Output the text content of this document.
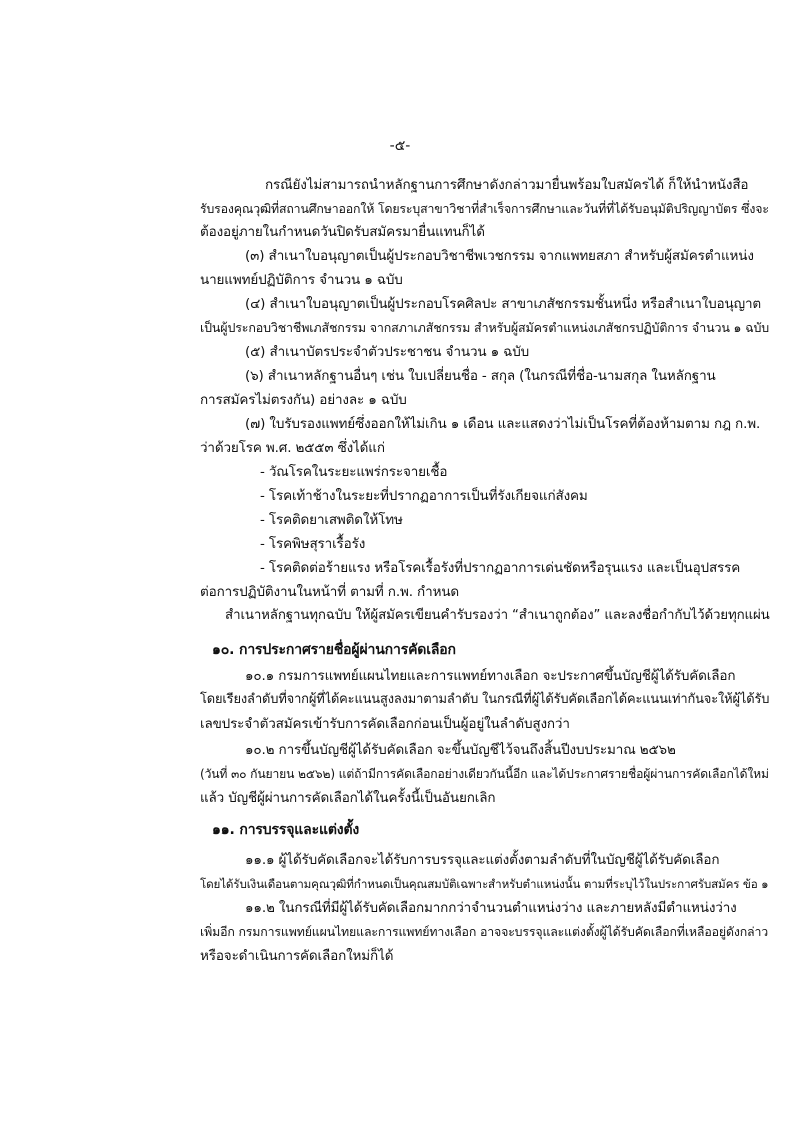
-๕-
กรณียังไม่สามารถนำหลักฐานการศึกษาดังกล่าวมายื่นพร้อมใบสมัครได้ ก็ให้นำหนังสือ
รับรองคุณวุฒิที่สถานศึกษาออกให้ โดยระบุสาขาวิชาที่สำเร็จการศึกษาและวันที่ที่ได้รับอนุมัติปริญญาบัตร ซึ่งจะ
ต้องอยู่ภายในกำหนดวันปิดรับสมัครมายื่นแทนก็ได้
(๓) สำเนาใบอนุญาตเป็นผู้ประกอบวิชาชีพเวชกรรม จากแพทยสภา สำหรับผู้สมัครตำแหน่ง
นายแพทย์ปฏิบัติการ จำนวน ๑ ฉบับ
(๔) สำเนาใบอนุญาตเป็นผู้ประกอบโรคศิลปะ สาขาเภสัชกรรมชั้นหนึ่ง หรือสำเนาใบอนุญาต
เป็นผู้ประกอบวิชาชีพเภสัชกรรม จากสภาเภสัชกรรม สำหรับผู้สมัครตำแหน่งเภสัชกรปฏิบัติการ จำนวน ๑ ฉบับ
(๕) สำเนาบัตรประจำตัวประชาชน จำนวน ๑ ฉบับ
(๖) สำเนาหลักฐานอื่นๆ เช่น ใบเปลี่ยนชื่อ - สกุล (ในกรณีที่ชื่อ-นามสกุล ในหลักฐาน
การสมัครไม่ตรงกัน) อย่างละ ๑ ฉบับ
(๗) ใบรับรองแพทย์ซึ่งออกให้ไม่เกิน ๑ เดือน และแสดงว่าไม่เป็นโรคที่ต้องห้ามตาม กฎ ก.พ.
ว่าด้วยโรค พ.ศ. ๒๕๕๓ ซึ่งได้แก่
- วัณโรคในระยะแพร่กระจายเชื้อ
- โรคเท้าช้างในระยะที่ปรากฏอาการเป็นที่รังเกียจแก่สังคม
- โรคติดยาเสพติดให้โทษ
- โรคพิษสุราเรื้อรัง
- โรคติดต่อร้ายแรง หรือโรคเรื้อรังที่ปรากฏอาการเด่นชัดหรือรุนแรง และเป็นอุปสรรค
ต่อการปฏิบัติงานในหน้าที่ ตามที่ ก.พ. กำหนด
สำเนาหลักฐานทุกฉบับ ให้ผู้สมัครเขียนคำรับรองว่า “สำเนาถูกต้อง” และลงชื่อกำกับไว้ด้วยทุกแผ่น
๑๐. การประกาศรายชื่อผู้ผ่านการคัดเลือก
๑๐.๑ กรมการแพทย์แผนไทยและการแพทย์ทางเลือก จะประกาศขึ้นบัญชีผู้ได้รับคัดเลือก
โดยเรียงลำดับที่จากผู้ที่ได้คะแนนสูงลงมาตามลำดับ ในกรณีที่ผู้ได้รับคัดเลือกได้คะแนนเท่ากันจะให้ผู้ได้รับ
เลขประจำตัวสมัครเข้ารับการคัดเลือกก่อนเป็นผู้อยู่ในลำดับสูงกว่า
๑๐.๒ การขึ้นบัญชีผู้ได้รับคัดเลือก จะขึ้นบัญชีไว้จนถึงสิ้นปีงบประมาณ ๒๕๖๒
(วันที่ ๓๐ กันยายน ๒๕๖๒) แต่ถ้ามีการคัดเลือกอย่างเดียวกันนี้อีก และได้ประกาศรายชื่อผู้ผ่านการคัดเลือกได้ใหม่
แล้ว บัญชีผู้ผ่านการคัดเลือกได้ในครั้งนี้เป็นอันยกเลิก
๑๑. การบรรจุและแต่งตั้ง
๑๑.๑ ผู้ได้รับคัดเลือกจะได้รับการบรรจุและแต่งตั้งตามลำดับที่ในบัญชีผู้ได้รับคัดเลือก
โดยได้รับเงินเดือนตามคุณวุฒิที่กำหนดเป็นคุณสมบัติเฉพาะสำหรับตำแหน่งนั้น ตามที่ระบุไว้ในประกาศรับสมัคร ข้อ ๑
๑๑.๒ ในกรณีที่มีผู้ได้รับคัดเลือกมากกว่าจำนวนตำแหน่งว่าง และภายหลังมีตำแหน่งว่าง
เพิ่มอีก กรมการแพทย์แผนไทยและการแพทย์ทางเลือก อาจจะบรรจุและแต่งตั้งผู้ได้รับคัดเลือกที่เหลืออยู่ดังกล่าว
หรือจะดำเนินการคัดเลือกใหม่ก็ได้
